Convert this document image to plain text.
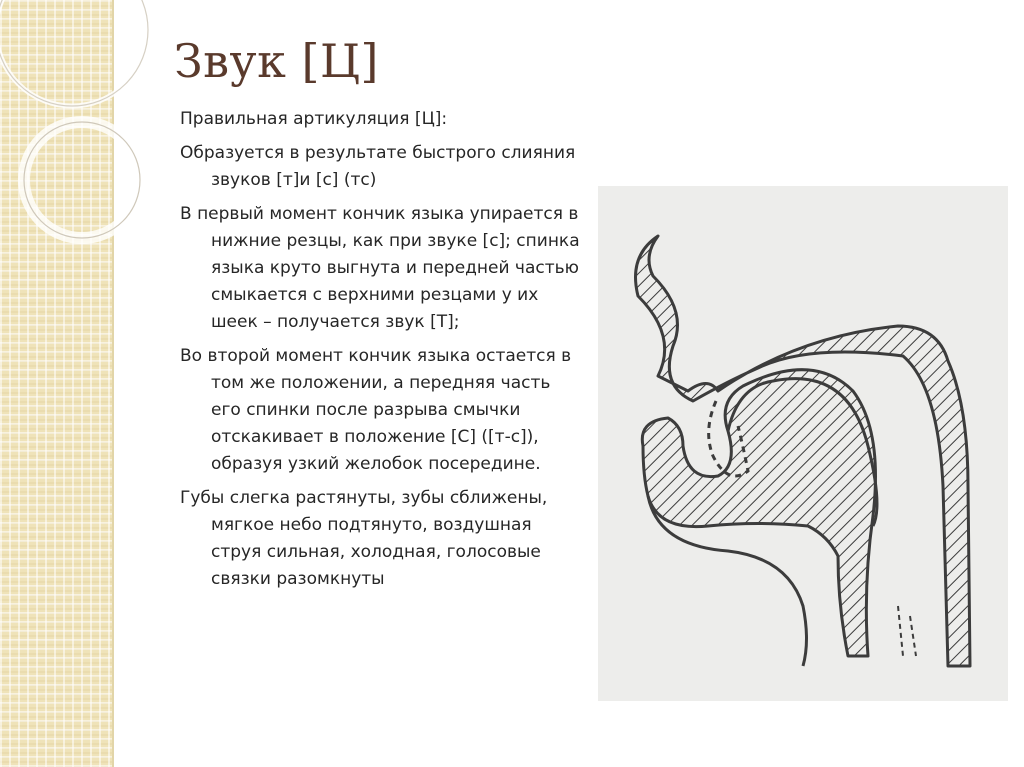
Звук [Ц]

Правильная артикуляция [Ц]:

Образуется в результате быстрого слияния звуков [т]и [с] (тс)

В первый момент кончик языка упирается в нижние резцы, как при звуке [с]; спинка языка круто выгнута и передней частью смыкается с верхними резцами у их шеек – получается звук [Т];

Во второй момент кончик языка остается в том же положении, а передняя часть его спинки после разрыва смычки отскакивает в положение [С] ([т-с]), образуя узкий желобок посередине.

Губы слегка растянуты, зубы сближены, мягкое небо подтянуто, воздушная струя сильная, холодная, голосовые связки разомкнуты
